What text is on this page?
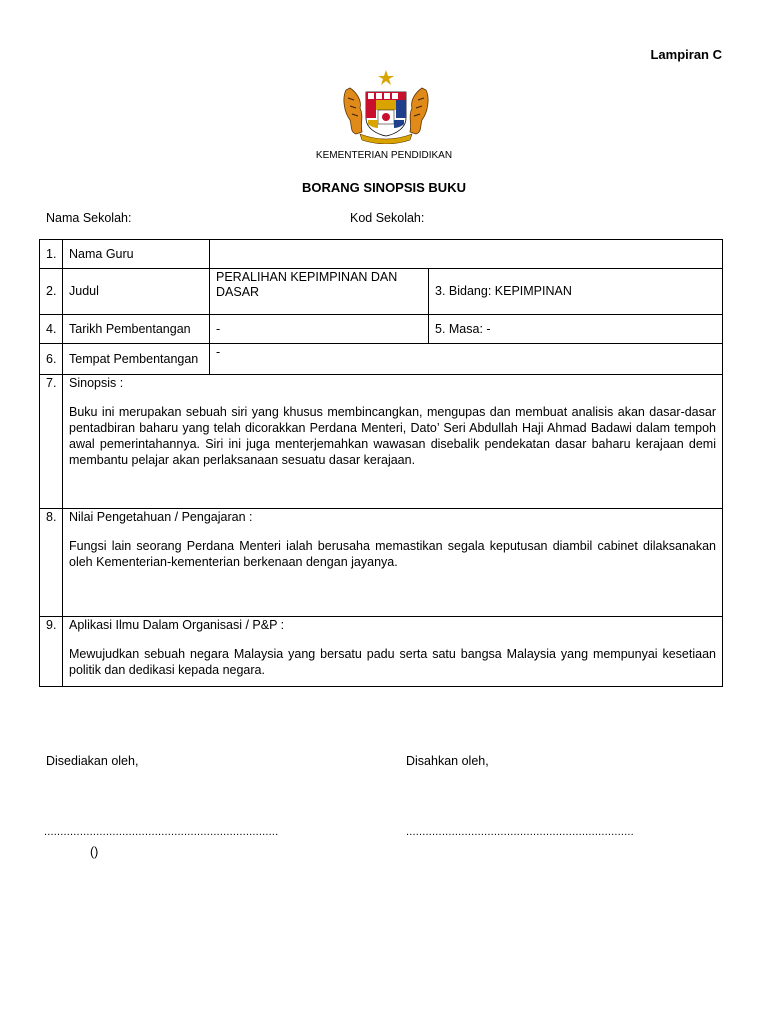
Lampiran C
KEMENTERIAN PENDIDIKAN
BORANG SINOPSIS BUKU
Nama Sekolah:	Kod Sekolah:
1.	Nama Guru		
2.	Judul	PERALIHAN KEPIMPINAN DAN DASAR	3. Bidang: KEPIMPINAN
4.	Tarikh Pembentangan	-	5. Masa: -
6.	Tempat Pembentangan	-	
7.	Sinopsis :

Buku ini merupakan sebuah siri yang khusus membincangkan, mengupas dan membuat analisis akan dasar-dasar pentadbiran baharu yang telah dicorakkan Perdana Menteri, Dato’ Seri Abdullah Haji Ahmad Badawi dalam tempoh awal pemerintahannya. Siri ini juga menterjemahkan wawasan disebalik pendekatan dasar baharu kerajaan demi membantu pelajar akan perlaksanaan sesuatu dasar kerajaan.		

8.	Nilai Pengetahuan / Pengajaran :

Fungsi lain seorang Perdana Menteri ialah berusaha memastikan segala keputusan diambil cabinet dilaksanakan oleh Kementerian-kementerian berkenaan dengan jayanya.		

9.	Aplikasi Ilmu Dalam Organisasi / P&P :

Mewujudkan sebuah negara Malaysia yang bersatu padu serta satu bangsa Malaysia yang mempunyai kesetiaan politik dan dedikasi kepada negara.		

Disediakan oleh,	Disahkan oleh,
........................................................................	......................................................................
()
